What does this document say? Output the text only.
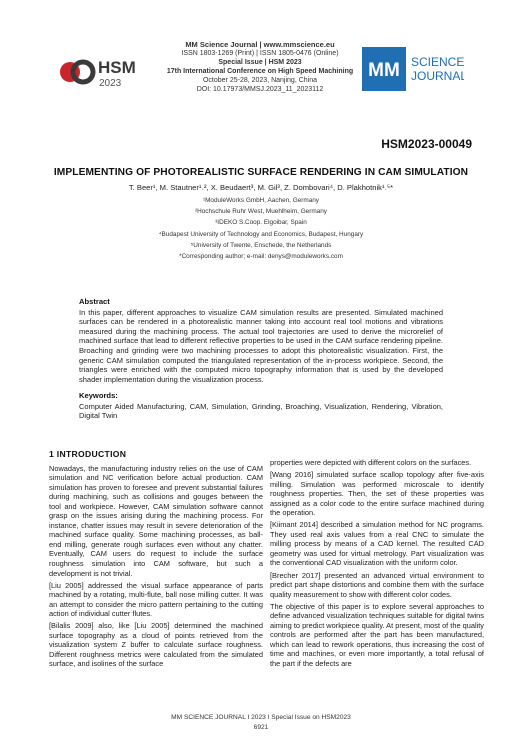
MM Science Journal | www.mmscience.eu
ISSN 1803-1269 (Print) | ISSN 1805-0476 (Online)
Special Issue | HSM 2023
17th International Conference on High Speed Machining
October 25-28, 2023, Nanjing, China
DOI: 10.17973/MMSJ.2023_11_2023112
HSM
2023
MM SCIENCE
JOURNAL
HSM2023-00049
IMPLEMENTING OF PHOTOREALISTIC SURFACE RENDERING IN CAM SIMULATION
T. Beer¹, M. Stautner¹˒², X. Beudaert³, M. Gil³, Z. Dombovari⁴, D. Plakhotnik¹˒⁵*
¹ModuleWorks GmbH, Aachen, Germany
²Hochschule Ruhr West, Muehlheim, Germany
³IDEKO S.Coop. Elgoibar, Spain
⁴Budapest University of Technology and Economics, Budapest, Hungary
⁵University of Twente, Enschede, the Netherlands
*Corresponding author; e-mail: denys@moduleworks.com
Abstract
In this paper, different approaches to visualize CAM simulation results are presented. Simulated machined surfaces can be rendered in a photorealistic manner taking into account real tool motions and vibrations measured during the machining process. The actual tool trajectories are used to derive the microrelief of machined surface that lead to different reflective properties to be used in the CAM surface rendering pipeline. Broaching and grinding were two machining processes to adopt this photorealistic visualization. First, the generic CAM simulation computed the triangulated representation of the in-process workpiece. Second, the triangles were enriched with the computed micro topography information that is used by the developed shader implementation during the visualization process.
Keywords:
Computer Aided Manufacturing, CAM, Simulation, Grinding, Broaching, Visualization, Rendering, Vibration, Digital Twin
1 INTRODUCTION

Nowadays, the manufacturing industry relies on the use of CAM simulation and NC verification before actual production. CAM simulation has proven to foresee and prevent substantial failures during machining, such as collisions and gouges between the tool and workpiece. However, CAM simulation software cannot grasp on the issues arising during the machining process. For instance, chatter issues may result in severe deterioration of the machined surface quality. Some machining processes, as ball-end milling, generate rough surfaces even without any chatter. Eventually, CAM users do request to include the surface roughness simulation into CAM software, but such a development is not trivial.

[Liu 2005] addressed the visual surface appearance of parts machined by a rotating, multi-flute, ball nose milling cutter. It was an attempt to consider the micro pattern pertaining to the cutting action of individual cutter flutes.

[Bilalis 2009] also, like [Liu 2005] determined the machined surface topography as a cloud of points retrieved from the visualization system Z buffer to calculate surface roughness. Different roughness metrics were calculated from the simulated surface, and isolines of the surface

properties were depicted with different colors on the surfaces.

[Wang 2016] simulated surface scallop topology after five-axis milling. Simulation was performed microscale to identify roughness properties. Then, the set of these properties was assigned as a color code to the entire surface machined during the operation.

[Kiimant 2014] described a simulation method for NC programs. They used real axis values from a real CNC to simulate the milling process by means of a CAD kernel. The resulted CAD geometry was used for virtual metrology. Part visualization was the conventional CAD visualization with the uniform color.

[Brecher 2017] presented an advanced virtual environment to predict part shape distortions and combine them with the surface quality measurement to show with different color codes.

The objective of this paper is to explore several approaches to define advanced visualization techniques suitable for digital twins aiming to predict workpiece quality. At present, most of the quality controls are performed after the part has been manufactured, which can lead to rework operations, thus increasing the cost of time and machines, or even more importantly, a total refusal of the part if the defects are

MM SCIENCE JOURNAL I 2023 I Special Issue on HSM2023
6921
